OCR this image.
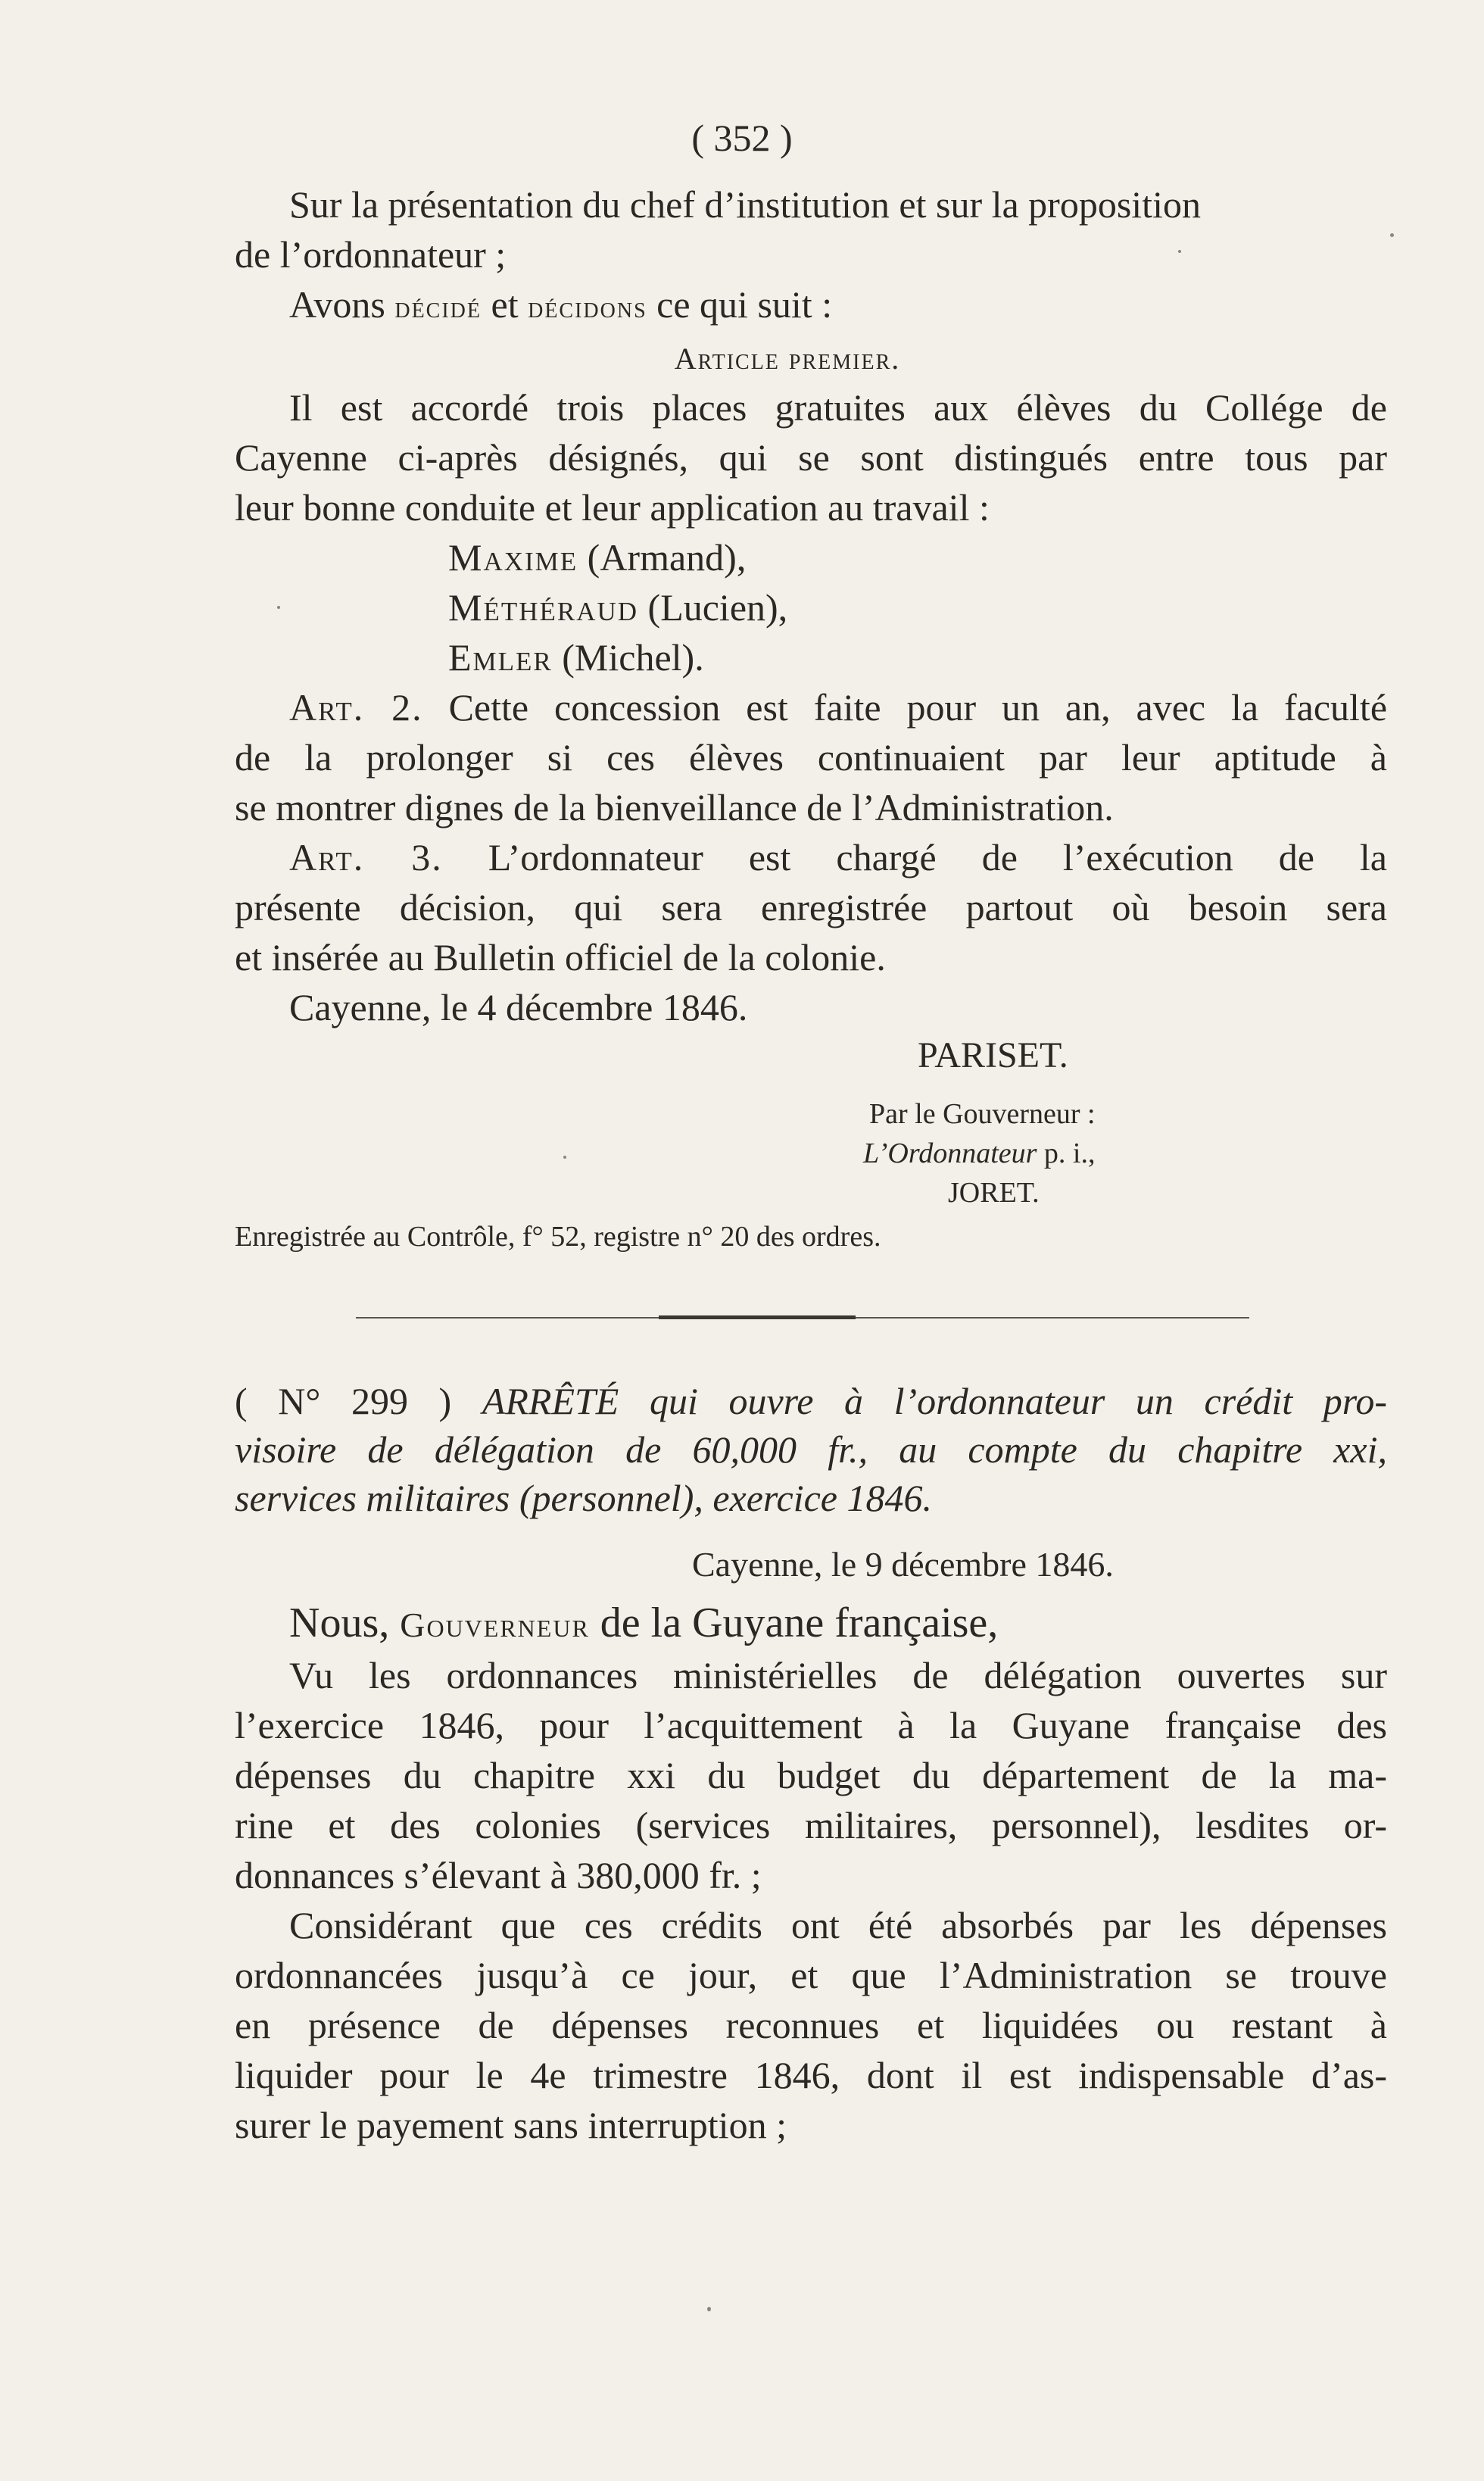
( 352 )
Sur la présentation du chef d’institution et sur la proposition
de l’ordonnateur ;
Avons décidé et décidons ce qui suit :
Article premier.
Il est accordé trois places gratuites aux élèves du Collége de
Cayenne ci-après désignés, qui se sont distingués entre tous par
leur bonne conduite et leur application au travail :
Maxime (Armand),
Méthéraud (Lucien),
Emler (Michel).
Art. 2. Cette concession est faite pour un an, avec la faculté
de la prolonger si ces élèves continuaient par leur aptitude à
se montrer dignes de la bienveillance de l’Administration.
Art. 3. L’ordonnateur est chargé de l’exécution de la
présente décision, qui sera enregistrée partout où besoin sera
et insérée au Bulletin officiel de la colonie.
Cayenne, le 4 décembre 1846.
PARISET.
Par le Gouverneur :
L’Ordonnateur p. i.,
JORET.
Enregistrée au Contrôle, f° 52, registre n° 20 des ordres.
( N° 299 ) ARRÊTÉ qui ouvre à l’ordonnateur un crédit pro-
visoire de délégation de 60,000 fr., au compte du chapitre xxi,
services militaires (personnel), exercice 1846.
Cayenne, le 9 décembre 1846.
Nous, Gouverneur de la Guyane française,
Vu les ordonnances ministérielles de délégation ouvertes sur
l’exercice 1846, pour l’acquittement à la Guyane française des
dépenses du chapitre xxi du budget du département de la ma-
rine et des colonies (services militaires, personnel), lesdites or-
donnances s’élevant à 380,000 fr. ;
Considérant que ces crédits ont été absorbés par les dépenses
ordonnancées jusqu’à ce jour, et que l’Administration se trouve
en présence de dépenses reconnues et liquidées ou restant à
liquider pour le 4e trimestre 1846, dont il est indispensable d’as-
surer le payement sans interruption ;
